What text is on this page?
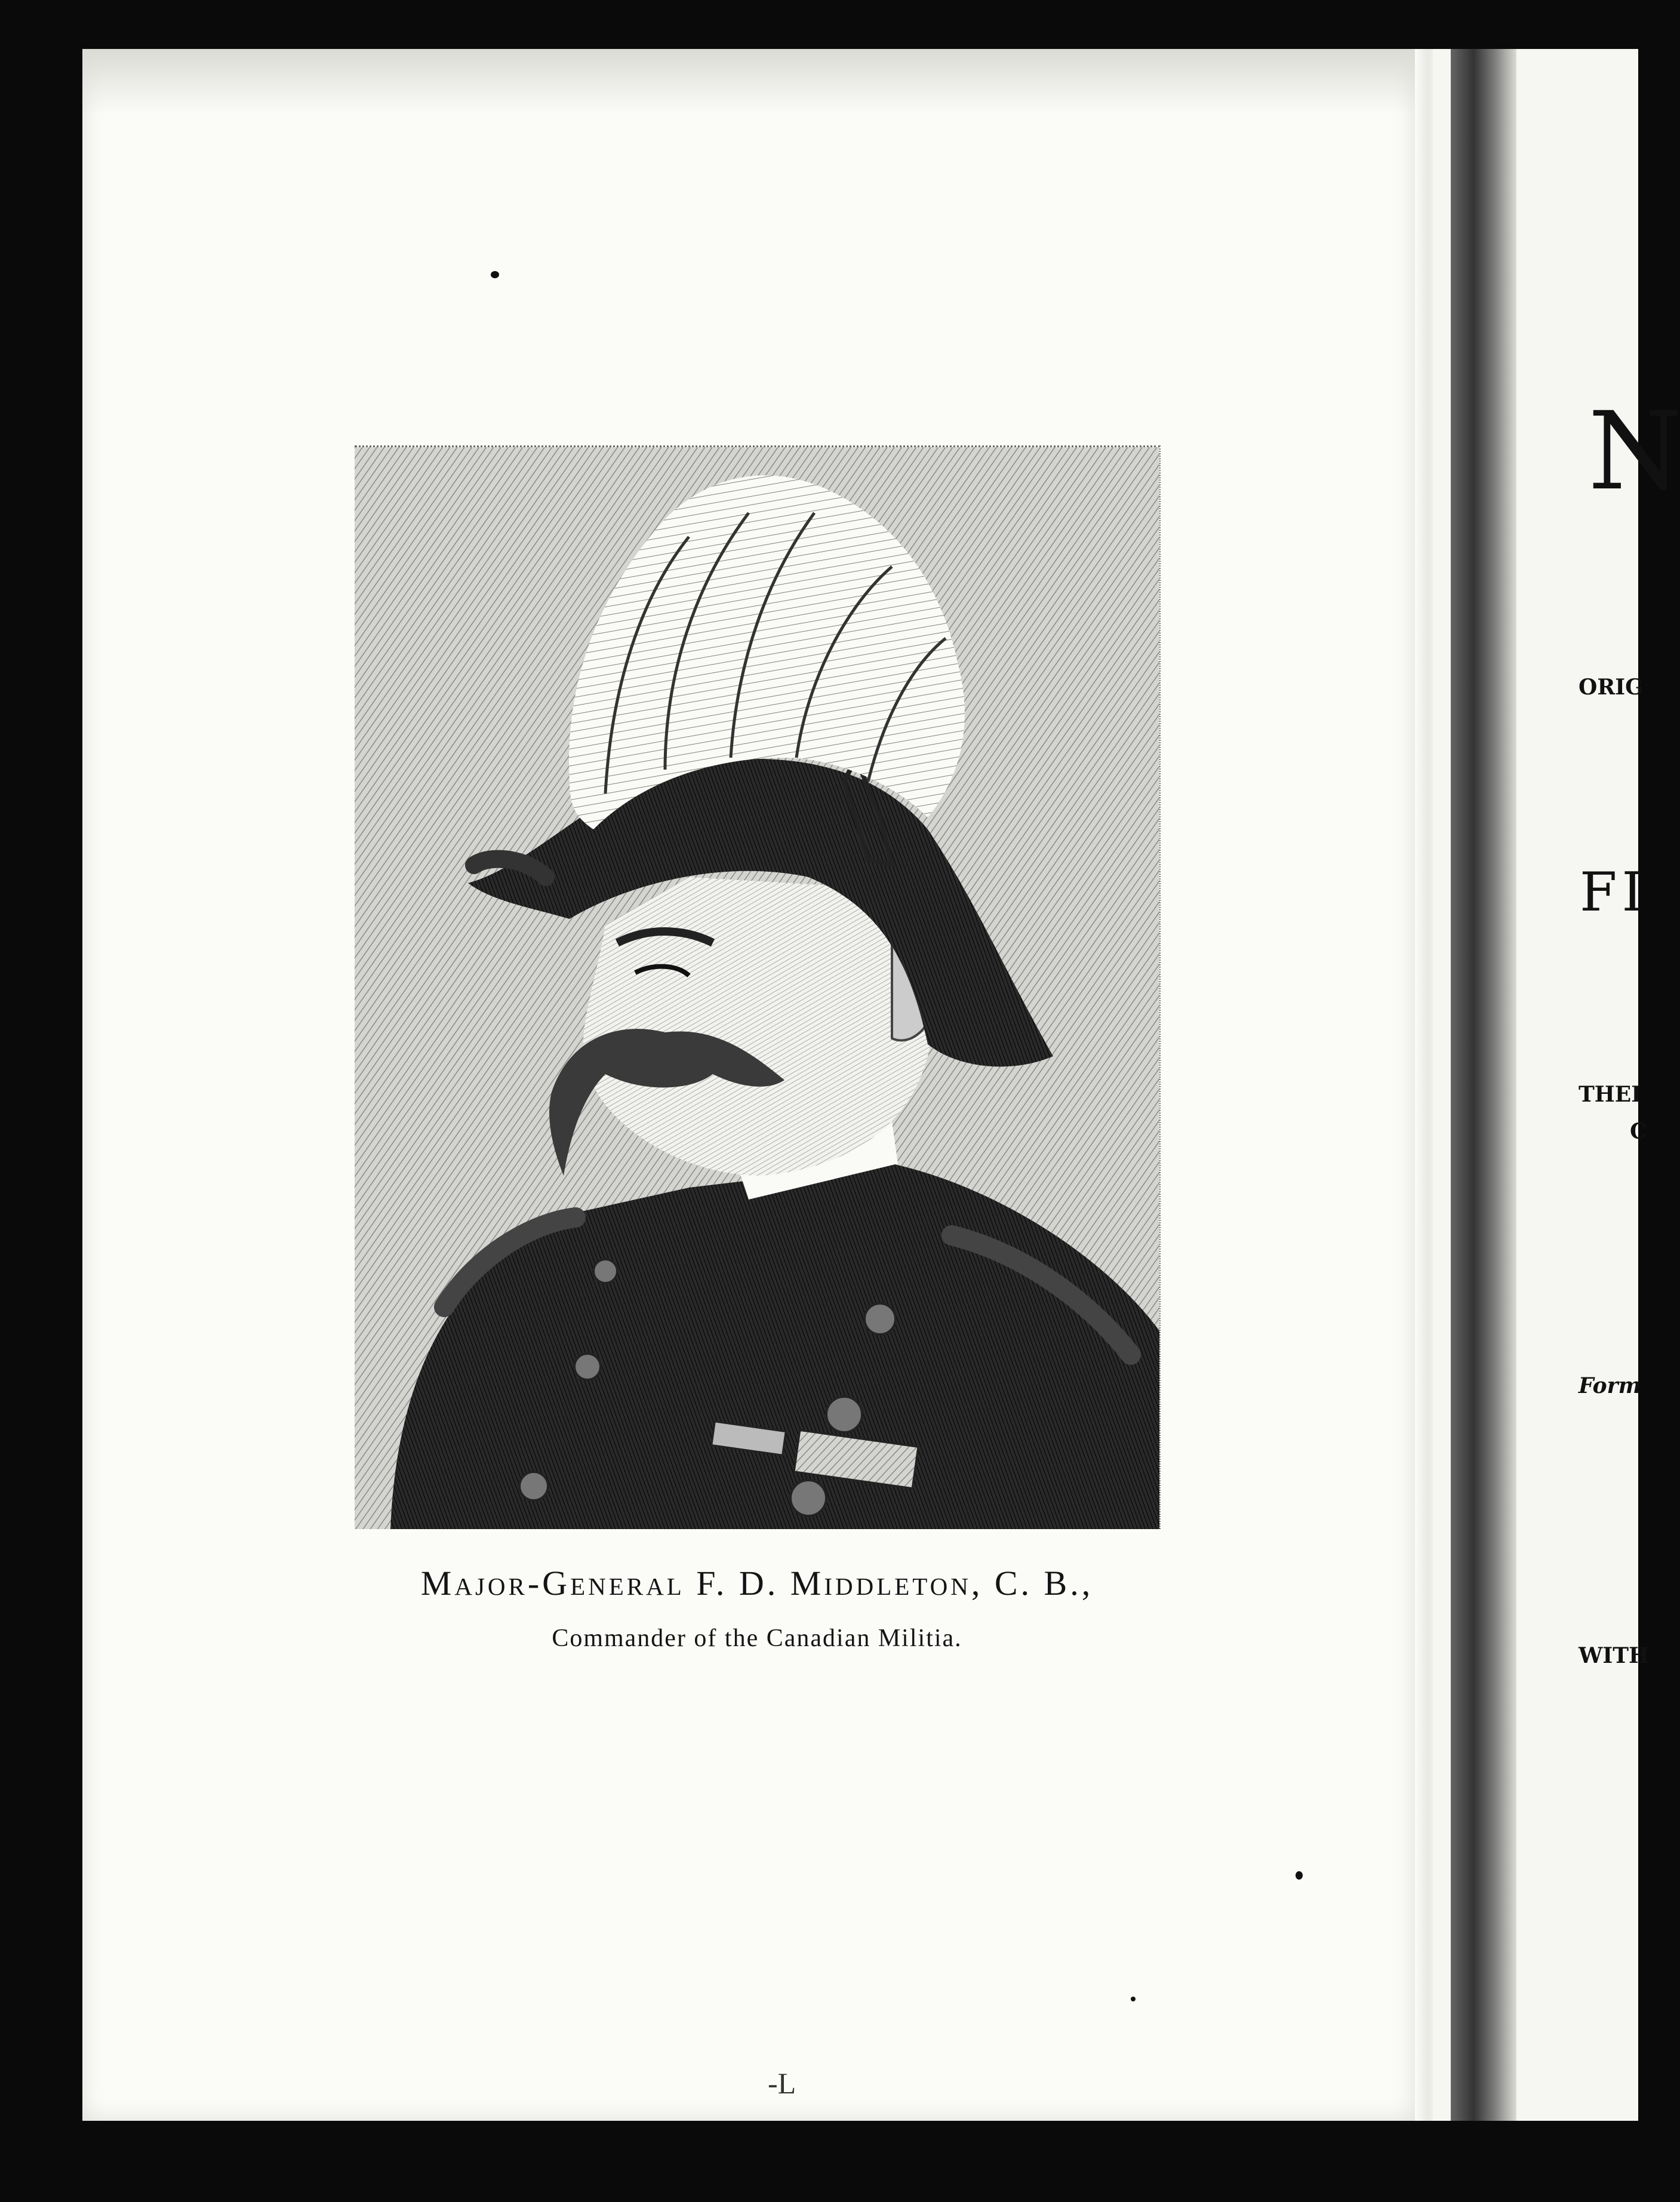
Major-General F. D. Middleton, C. B.,
Commander of the Canadian Militia.
-L
N
ORIG
FI
THEI
C
Form
WITH
